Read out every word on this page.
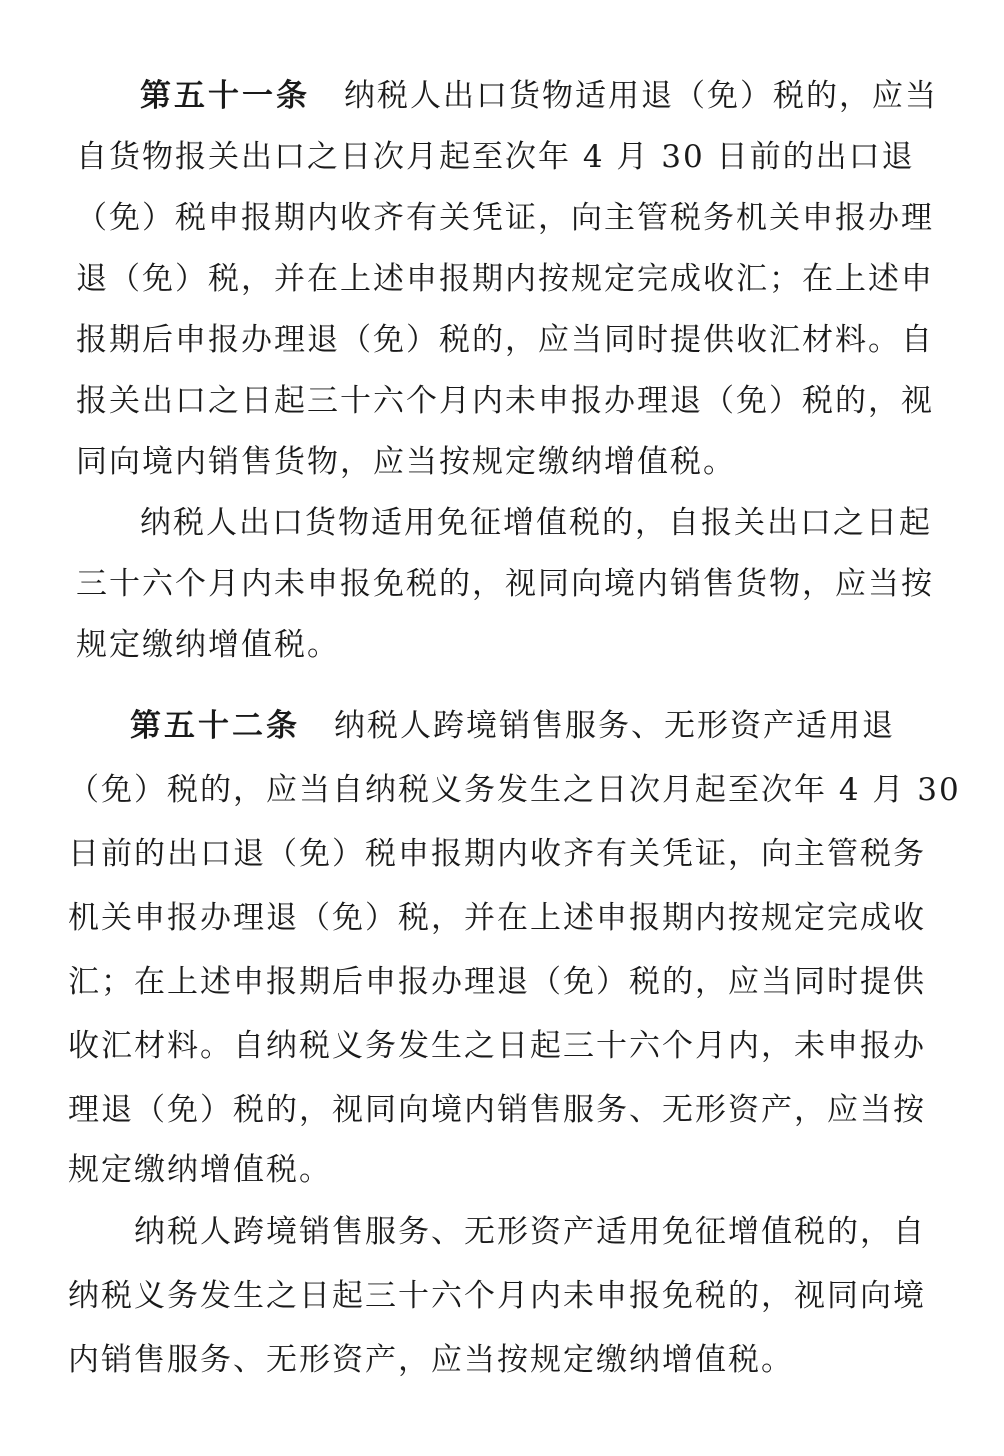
第五十一条 纳税人出口货物适用退（免）税的，应当
自货物报关出口之日次月起至次年 4 月 30 日前的出口退
（免）税申报期内收齐有关凭证，向主管税务机关申报办理
退（免）税，并在上述申报期内按规定完成收汇；在上述申
报期后申报办理退（免）税的，应当同时提供收汇材料。自
报关出口之日起三十六个月内未申报办理退（免）税的，视
同向境内销售货物，应当按规定缴纳增值税。
纳税人出口货物适用免征增值税的，自报关出口之日起
三十六个月内未申报免税的，视同向境内销售货物，应当按
规定缴纳增值税。
第五十二条 纳税人跨境销售服务、无形资产适用退
（免）税的，应当自纳税义务发生之日次月起至次年 4 月 30
日前的出口退（免）税申报期内收齐有关凭证，向主管税务
机关申报办理退（免）税，并在上述申报期内按规定完成收
汇；在上述申报期后申报办理退（免）税的，应当同时提供
收汇材料。自纳税义务发生之日起三十六个月内，未申报办
理退（免）税的，视同向境内销售服务、无形资产，应当按
规定缴纳增值税。
纳税人跨境销售服务、无形资产适用免征增值税的，自
纳税义务发生之日起三十六个月内未申报免税的，视同向境
内销售服务、无形资产，应当按规定缴纳增值税。
